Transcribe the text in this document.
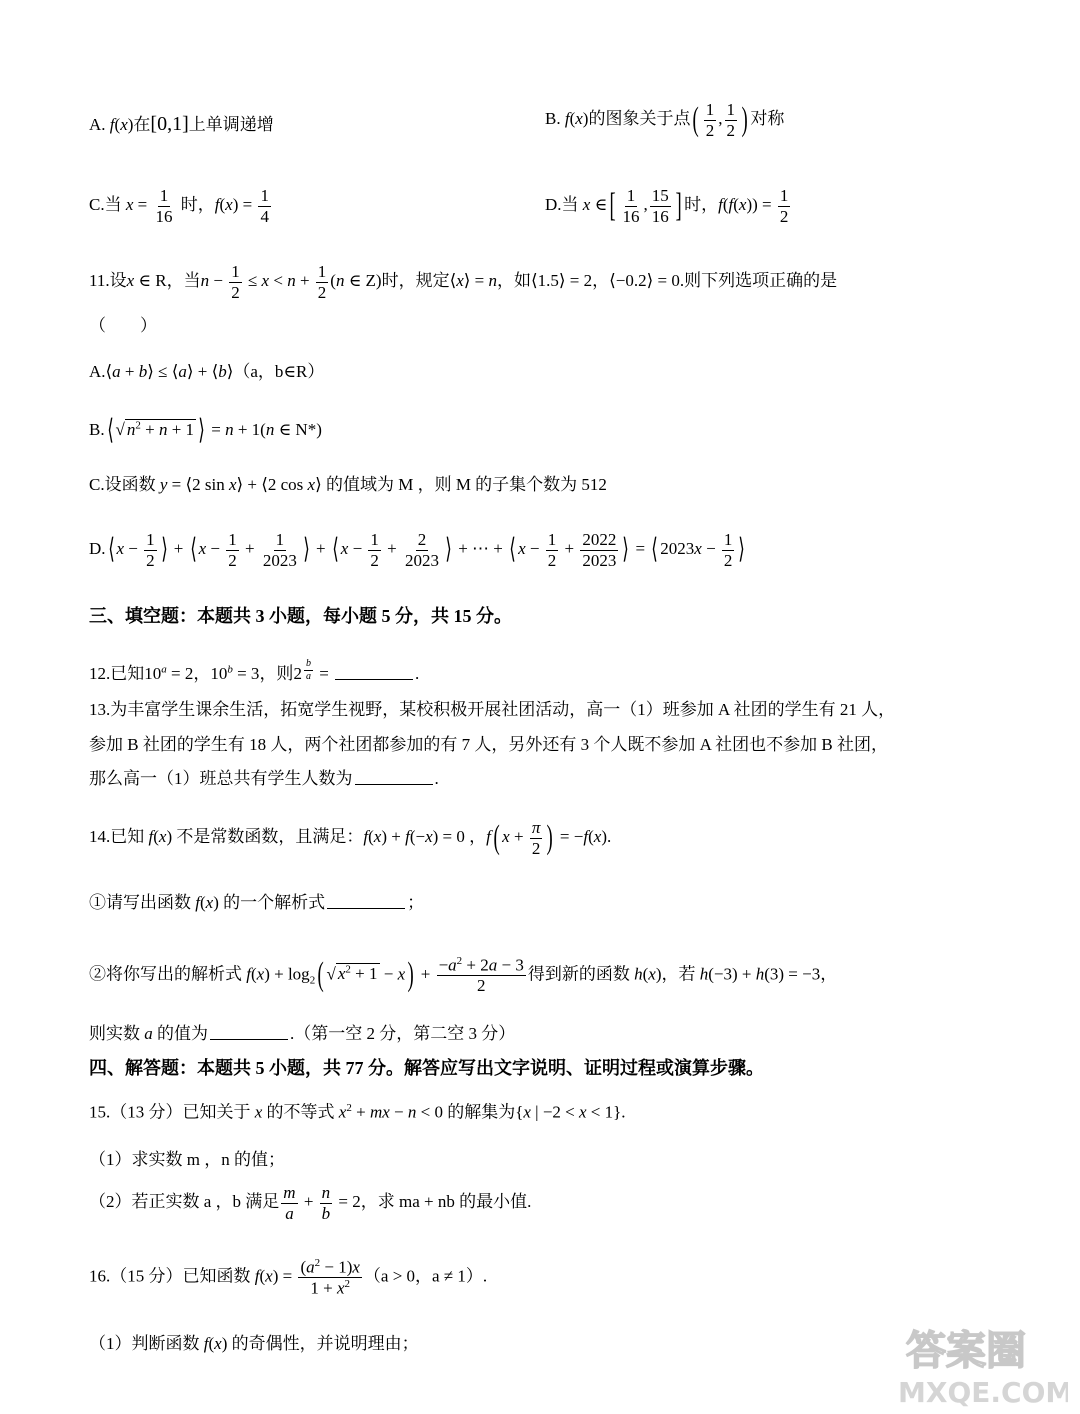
A. f(x)在[0,1]上单调递增	B. f(x)的图象关于点( $\frac{1}{2}$ , $\frac{1}{2}$ ) 对称
C.当 $x = \frac{1}{16}$ 时，$f(x) = \frac{1}{4}$	D.当 x ∈[ $\frac{1}{16}$ , $\frac{15}{16}$ ] 时，$f(f(x)) = \frac{1}{2}$
11.设x ∈ R，当$n - \frac{1}{2} \le x < n + \frac{1}{2} (n$ ∈ Z)时，规定⟨x⟩ = n，如⟨1.5⟩ = 2，⟨−0.2⟩ = 0.则下列选项正确的是
（　　）
A.⟨a + b⟩ ≤ ⟨a⟩ + ⟨b⟩（a，b∈R）
B.⟨ √ $n^2 + n + 1$ ⟩ = n + 1(n ∈ N*)
C.设函数 y = ⟨2 sin x⟩ + ⟨2 cos x⟩ 的值域为 M ，则 M 的子集个数为 512
D.⟨ $x - \frac{1}{2}$ ⟩ + ⟨ $x - \frac{1}{2} + \frac{1}{2023}$ ⟩ + ⟨ $x - \frac{1}{2} + \frac{2}{2023}$ ⟩ + ⋯ + ⟨ $x - \frac{1}{2} + \frac{2022}{2023}$ ⟩ = ⟨ $2023x - \frac{1}{2}$ ⟩
三、填空题：本题共 3 小题，每小题 5 分，共 15 分。
12.已知$10^a = 2$，$10^b = 3$，则2 $^{\frac{b}{a}}$ =	.
13.为丰富学生课余生活，拓宽学生视野，某校积极开展社团活动，高一（1）班参加 A 社团的学生有 21 人，
参加 B 社团的学生有 18 人，两个社团都参加的有 7 人，另外还有 3 个人既不参加 A 社团也不参加 B 社团，
那么高一（1）班总共有学生人数为	.
14.已知 f(x) 不是常数函数，且满足：f(x) + f(−x) = 0 ，f( $x + \frac{\pi}{2}$ ) = −f(x).
①请写出函数 f(x) 的一个解析式	；
②将你写出的解析式 $f(x) + \log_2$( √ $x^2 + 1 - x) + \frac{-a^2 + 2a - 3}{2}$ 得到新的函数 h(x)，若 h(−3) + h(3) = −3，
则实数 a 的值为	.（第一空 2 分，第二空 3 分）
四、解答题：本题共 5 小题，共 77 分。解答应写出文字说明、证明过程或演算步骤。
15.（13 分）已知关于 x 的不等式 $x^2$ + mx − n < 0 的解集为{x | −2 < x < 1}.
（1）求实数 m ，n 的值；
（2）若正实数 a ，b 满足 $\frac{m}{a} + \frac{n}{b} = 2$，求 ma + nb 的最小值.
16.（15 分）已知函数 $f(x) = \frac{(a^2 - 1)x}{1 + x^2} (a > 0$，a ≠ 1）.
（1）判断函数 f(x) 的奇偶性，并说明理由；	答案圈
MXQE.COM
